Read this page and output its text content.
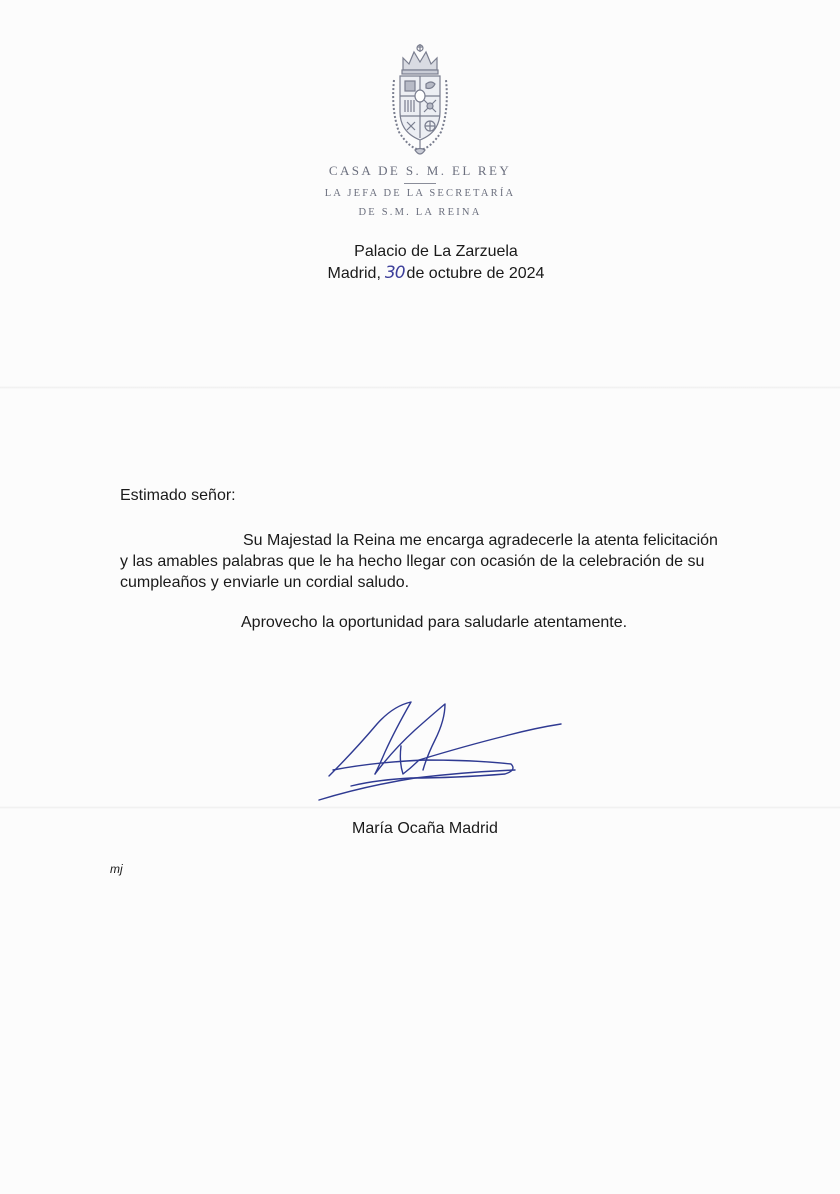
CASA DE S. M. EL REY
LA JEFA DE LA SECRETARÍA
DE S.M. LA REINA
Palacio de La Zarzuela
Madrid, 30 de octubre de 2024
Estimado señor:
Su Majestad la Reina me encarga agradecerle la atenta felicitación
y las amables palabras que le ha hecho llegar con ocasión de la celebración de su
cumpleaños y enviarle un cordial saludo.
Aprovecho la oportunidad para saludarle atentamente.
María Ocaña Madrid
mj
